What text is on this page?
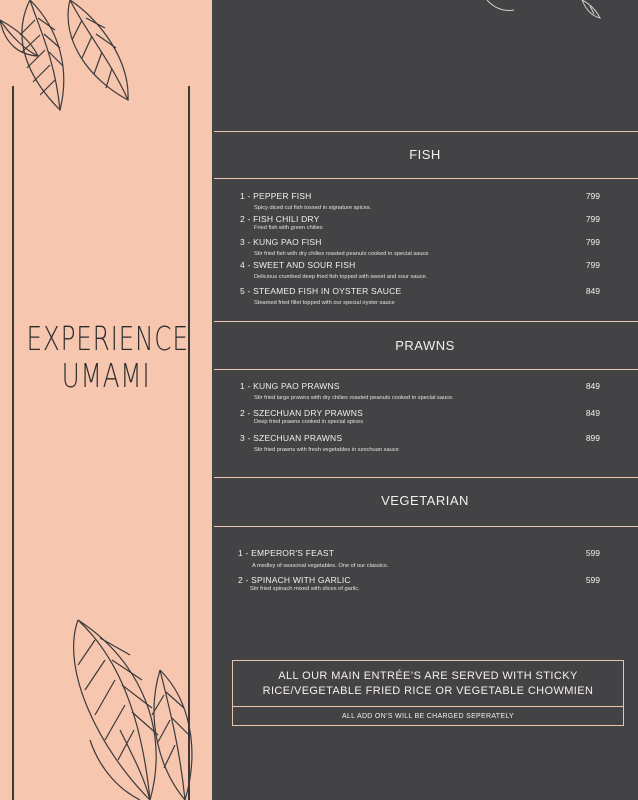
EXPERIENCE
UMAMI
FISH
1 - PEPPER FISH
Spicy diced cut fish tossed in signature spices.
799
2 - FISH CHILI DRY
Fried fish with green chilies
799
3 - KUNG PAO FISH
Stir fried fish with dry chilies roasted peanuts cooked in special sauce
799
4 - SWEET AND SOUR FISH
Delicious crumbed deep fried fish topped with sweet and sour sauce.
799
5 - STEAMED FISH IN OYSTER SAUCE
Steamed fried fillet topped with our special oyster sauce
849
PRAWNS
1 - KUNG PAO PRAWNS
Stir fried large prawns with dry chilies roasted peanuts cooked in special sauce.
849
2 - SZECHUAN DRY PRAWNS
Deep fried prawns cooked in special spices
849
3 - SZECHUAN PRAWNS
Stir fried prawns with fresh vegetables in szechuan sauce
899
VEGETARIAN
1 - EMPEROR'S FEAST
A medley of seasonal vegetables. One of our classics.
599
2 - SPINACH WITH GARLIC
Stir fried spinach mixed with slices of garlic.
599
ALL OUR MAIN ENTRÉE’S ARE SERVED WITH STICKY
RICE/VEGETABLE FRIED RICE OR VEGETABLE CHOWMIEN
ALL ADD ON’S WILL BE CHARGED SEPERATELY
